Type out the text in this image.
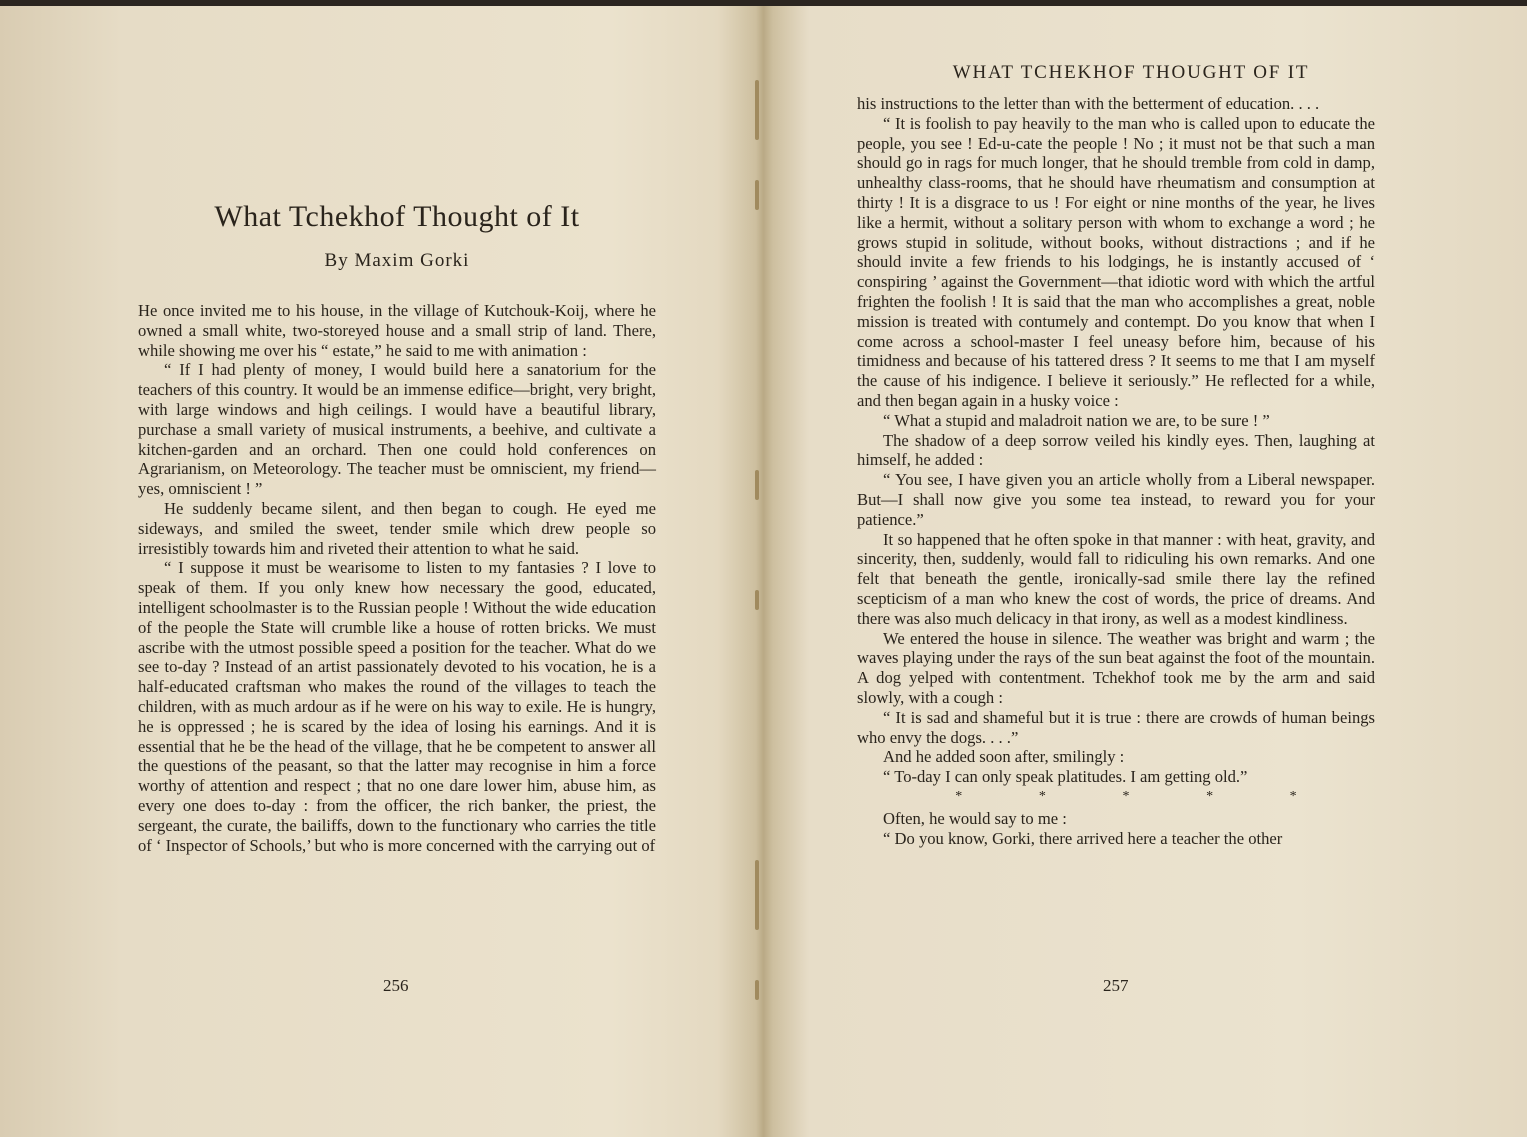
What Tchekhof Thought of It
By Maxim Gorki

He once invited me to his house, in the village of Kutchouk-Koij, where he owned a small white, two-storeyed house and a small strip of land. There, while showing me over his “ estate,” he said to me with animation :

“ If I had plenty of money, I would build here a sanatorium for the teachers of this country. It would be an immense edifice—bright, very bright, with large windows and high ceilings. I would have a beautiful library, purchase a small variety of musical instruments, a beehive, and cultivate a kitchen-garden and an orchard. Then one could hold conferences on Agrarianism, on Meteorology. The teacher must be omniscient, my friend—yes, omniscient ! ”

He suddenly became silent, and then began to cough. He eyed me sideways, and smiled the sweet, tender smile which drew people so irresistibly towards him and riveted their attention to what he said.

“ I suppose it must be wearisome to listen to my fantasies ? I love to speak of them. If you only knew how necessary the good, educated, intelligent schoolmaster is to the Russian people ! Without the wide education of the people the State will crumble like a house of rotten bricks. We must ascribe with the utmost possible speed a position for the teacher. What do we see to-day ? Instead of an artist passionately devoted to his vocation, he is a half-educated craftsman who makes the round of the villages to teach the children, with as much ardour as if he were on his way to exile. He is hungry, he is oppressed ; he is scared by the idea of losing his earnings. And it is essential that he be the head of the village, that he be competent to answer all the questions of the peasant, so that the latter may recognise in him a force worthy of attention and respect ; that no one dare lower him, abuse him, as every one does to-day : from the officer, the rich banker, the priest, the sergeant, the curate, the bailiffs, down to the functionary who carries the title of ‘ Inspector of Schools,’ but who is more concerned with the carrying out of

256
WHAT TCHEKHOF THOUGHT OF IT

his instructions to the letter than with the betterment of education. . . .

“ It is foolish to pay heavily to the man who is called upon to educate the people, you see ! Ed-u-cate the people ! No ; it must not be that such a man should go in rags for much longer, that he should tremble from cold in damp, unhealthy class-rooms, that he should have rheumatism and consumption at thirty ! It is a disgrace to us ! For eight or nine months of the year, he lives like a hermit, without a solitary person with whom to exchange a word ; he grows stupid in solitude, without books, without distractions ; and if he should invite a few friends to his lodgings, he is instantly accused of ‘ conspiring ’ against the Government—that idiotic word with which the artful frighten the foolish ! It is said that the man who accomplishes a great, noble mission is treated with contumely and contempt. Do you know that when I come across a school-master I feel uneasy before him, because of his timidness and because of his tattered dress ? It seems to me that I am myself the cause of his indigence. I believe it seriously.” He reflected for a while, and then began again in a husky voice :

“ What a stupid and maladroit nation we are, to be sure ! ”

The shadow of a deep sorrow veiled his kindly eyes. Then, laughing at himself, he added :

“ You see, I have given you an article wholly from a Liberal newspaper. But—I shall now give you some tea instead, to reward you for your patience.”

It so happened that he often spoke in that manner : with heat, gravity, and sincerity, then, suddenly, would fall to ridiculing his own remarks. And one felt that beneath the gentle, ironically-sad smile there lay the refined scepticism of a man who knew the cost of words, the price of dreams. And there was also much delicacy in that irony, as well as a modest kindliness.

We entered the house in silence. The weather was bright and warm ; the waves playing under the rays of the sun beat against the foot of the mountain. A dog yelped with contentment. Tchekhof took me by the arm and said slowly, with a cough :

“ It is sad and shameful but it is true : there are crowds of human beings who envy the dogs. . . .”

And he added soon after, smilingly :

“ To-day I can only speak platitudes. I am getting old.”

*	*	*	*	*

Often, he would say to me :

“ Do you know, Gorki, there arrived here a teacher the other

257
